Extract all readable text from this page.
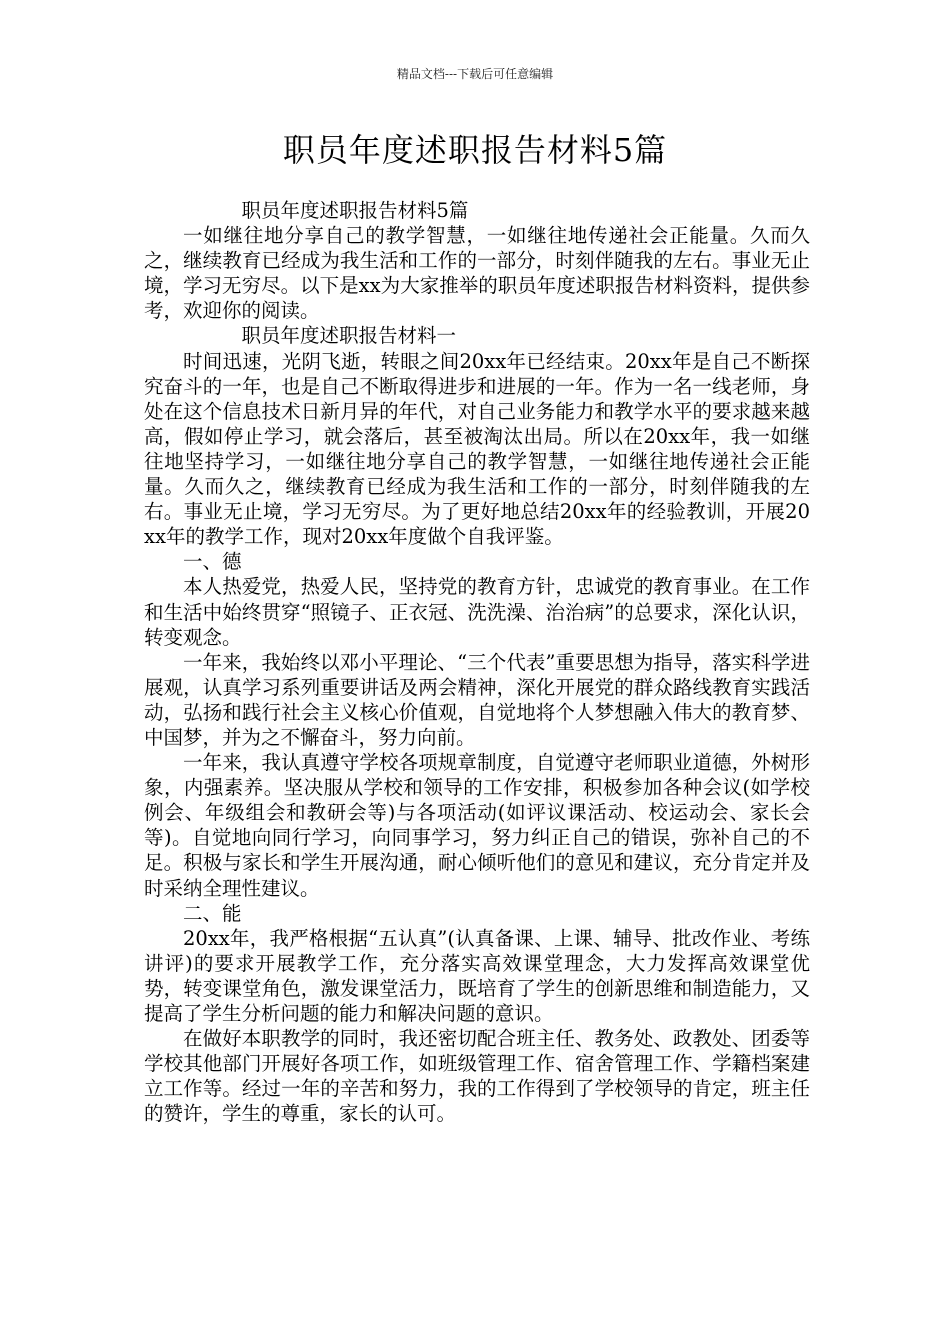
精品文档---下载后可任意编辑
职员年度述职报告材料5篇

职员年度述职报告材料5篇

一如继往地分享自己的教学智慧，一如继往地传递社会正能量。久而久之，继续教育已经成为我生活和工作的一部分，时刻伴随我的左右。事业无止境，学习无穷尽。以下是xx为大家推举的职员年度述职报告材料资料，提供参考，欢迎你的阅读。

职员年度述职报告材料一

时间迅速，光阴飞逝，转眼之间20xx年已经结束。20xx年是自己不断探究奋斗的一年，也是自己不断取得进步和进展的一年。作为一名一线老师，身处在这个信息技术日新月异的年代，对自己业务能力和教学水平的要求越来越高，假如停止学习，就会落后，甚至被淘汰出局。所以在20xx年，我一如继往地坚持学习，一如继往地分享自己的教学智慧，一如继往地传递社会正能量。久而久之，继续教育已经成为我生活和工作的一部分，时刻伴随我的左右。事业无止境，学习无穷尽。为了更好地总结20xx年的经验教训，开展20xx年的教学工作，现对20xx年度做个自我评鉴。

一、德

本人热爱党，热爱人民，坚持党的教育方针，忠诚党的教育事业。在工作和生活中始终贯穿“照镜子、正衣冠、洗洗澡、治治病”的总要求，深化认识，转变观念。

一年来，我始终以邓小平理论、“三个代表”重要思想为指导，落实科学进展观，认真学习系列重要讲话及两会精神，深化开展党的群众路线教育实践活动，弘扬和践行社会主义核心价值观，自觉地将个人梦想融入伟大的教育梦、中国梦，并为之不懈奋斗，努力向前。

一年来，我认真遵守学校各项规章制度，自觉遵守老师职业道德，外树形象，内强素养。坚决服从学校和领导的工作安排，积极参加各种会议(如学校例会、年级组会和教研会等)与各项活动(如评议课活动、校运动会、家长会等)。自觉地向同行学习，向同事学习，努力纠正自己的错误，弥补自己的不足。积极与家长和学生开展沟通，耐心倾听他们的意见和建议，充分肯定并及时采纳全理性建议。

二、能

20xx年，我严格根据“五认真”(认真备课、上课、辅导、批改作业、考练讲评)的要求开展教学工作，充分落实高效课堂理念，大力发挥高效课堂优势，转变课堂角色，激发课堂活力，既培育了学生的创新思维和制造能力，又提高了学生分析问题的能力和解决问题的意识。

在做好本职教学的同时，我还密切配合班主任、教务处、政教处、团委等学校其他部门开展好各项工作，如班级管理工作、宿舍管理工作、学籍档案建立工作等。经过一年的辛苦和努力，我的工作得到了学校领导的肯定，班主任的赞许，学生的尊重，家长的认可。
